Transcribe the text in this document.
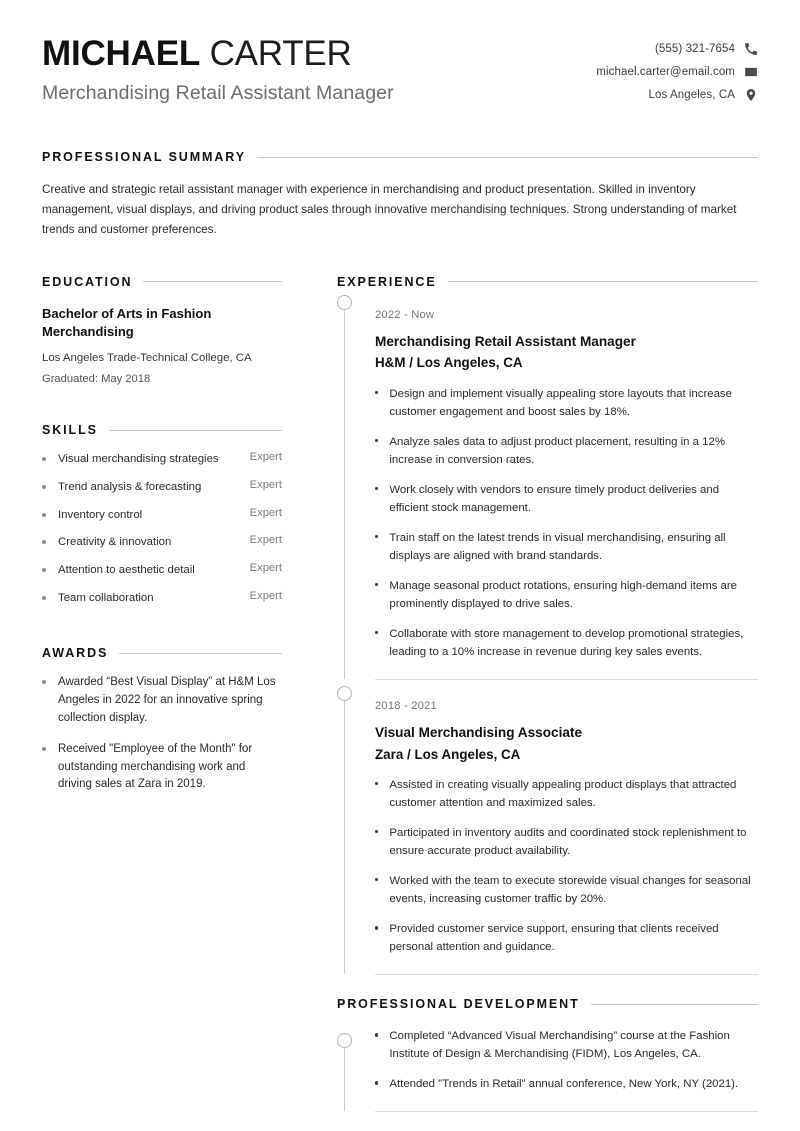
MICHAEL CARTER
Merchandising Retail Assistant Manager
(555) 321-7654
michael.carter@email.com
Los Angeles, CA
PROFESSIONAL SUMMARY

Creative and strategic retail assistant manager with experience in merchandising and product presentation. Skilled in inventory management, visual displays, and driving product sales through innovative merchandising techniques. Strong understanding of market trends and customer preferences.

EDUCATION
Bachelor of Arts in Fashion Merchandising
Los Angeles Trade-Technical College, CA
Graduated: May 2018
SKILLS
Visual merchandising strategies	Expert
Trend analysis & forecasting	Expert
Inventory control	Expert
Creativity & innovation	Expert
Attention to aesthetic detail	Expert
Team collaboration	Expert
AWARDS
Awarded “Best Visual Display” at H&M Los Angeles in 2022 for an innovative spring collection display.
Received "Employee of the Month" for outstanding merchandising work and driving sales at Zara in 2019.
EXPERIENCE
2022 - Now
Merchandising Retail Assistant Manager
H&M / Los Angeles, CA
Design and implement visually appealing store layouts that increase customer engagement and boost sales by 18%.
Analyze sales data to adjust product placement, resulting in a 12% increase in conversion rates.
Work closely with vendors to ensure timely product deliveries and efficient stock management.
Train staff on the latest trends in visual merchandising, ensuring all displays are aligned with brand standards.
Manage seasonal product rotations, ensuring high-demand items are prominently displayed to drive sales.
Collaborate with store management to develop promotional strategies, leading to a 10% increase in revenue during key sales events.
2018 - 2021
Visual Merchandising Associate
Zara / Los Angeles, CA
Assisted in creating visually appealing product displays that attracted customer attention and maximized sales.
Participated in inventory audits and coordinated stock replenishment to ensure accurate product availability.
Worked with the team to execute storewide visual changes for seasonal events, increasing customer traffic by 20%.
Provided customer service support, ensuring that clients received personal attention and guidance.
PROFESSIONAL DEVELOPMENT
Completed “Advanced Visual Merchandising” course at the Fashion Institute of Design & Merchandising (FIDM), Los Angeles, CA.
Attended "Trends in Retail" annual conference, New York, NY (2021).
